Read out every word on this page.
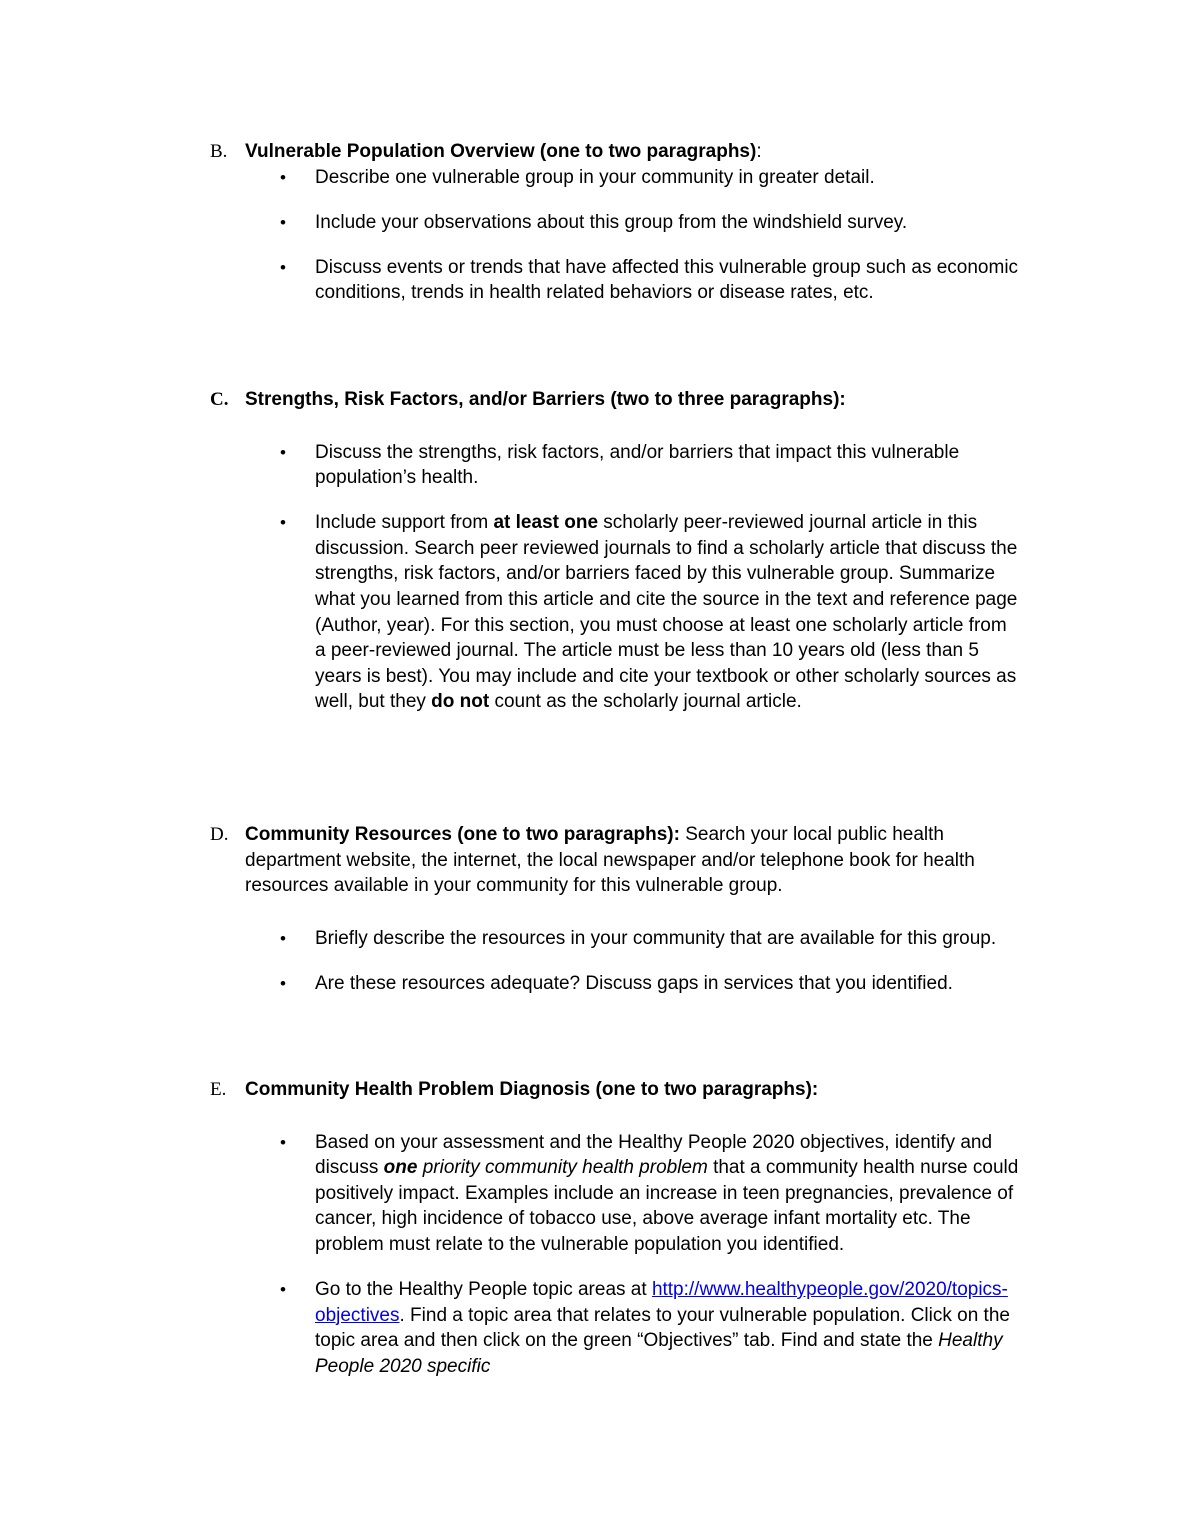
B. Vulnerable Population Overview (one to two paragraphs):
• Describe one vulnerable group in your community in greater detail.
• Include your observations about this group from the windshield survey.
• Discuss events or trends that have affected this vulnerable group such as economic conditions, trends in health related behaviors or disease rates, etc.
C. Strengths, Risk Factors, and/or Barriers (two to three paragraphs):
• Discuss the strengths, risk factors, and/or barriers that impact this vulnerable population’s health.
• Include support from at least one scholarly peer-reviewed journal article in this discussion. Search peer reviewed journals to find a scholarly article that discuss the strengths, risk factors, and/or barriers faced by this vulnerable group. Summarize what you learned from this article and cite the source in the text and reference page (Author, year). For this section, you must choose at least one scholarly article from a peer-reviewed journal. The article must be less than 10 years old (less than 5 years is best). You may include and cite your textbook or other scholarly sources as well, but they do not count as the scholarly journal article.
D. Community Resources (one to two paragraphs): Search your local public health department website, the internet, the local newspaper and/or telephone book for health resources available in your community for this vulnerable group.
• Briefly describe the resources in your community that are available for this group.
• Are these resources adequate? Discuss gaps in services that you identified.
E. Community Health Problem Diagnosis (one to two paragraphs):
• Based on your assessment and the Healthy People 2020 objectives, identify and discuss one priority community health problem that a community health nurse could positively impact. Examples include an increase in teen pregnancies, prevalence of cancer, high incidence of tobacco use, above average infant mortality etc. The problem must relate to the vulnerable population you identified.
• Go to the Healthy People topic areas at http://www.healthypeople.gov/2020/topics-objectives. Find a topic area that relates to your vulnerable population. Click on the topic area and then click on the green “Objectives” tab. Find and state the Healthy People 2020 specific
